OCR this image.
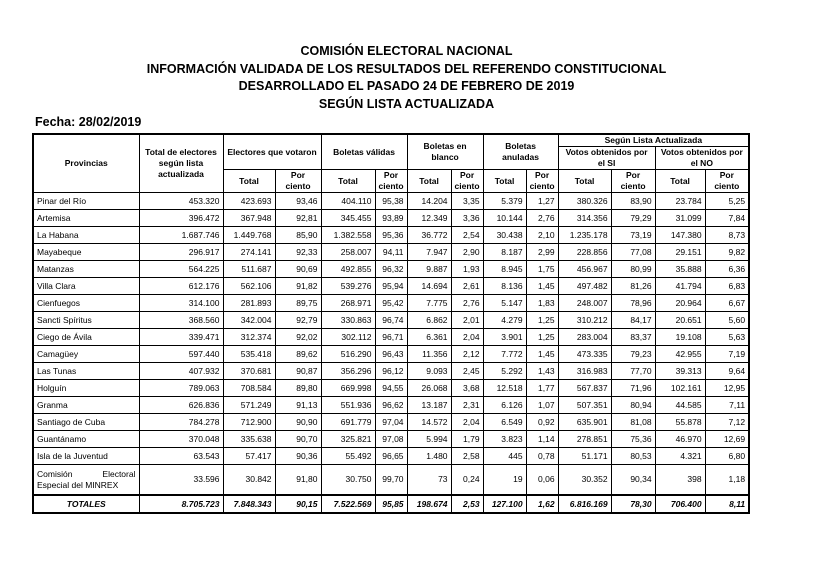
COMISIÓN ELECTORAL NACIONAL
INFORMACIÓN VALIDADA DE LOS RESULTADOS DEL REFERENDO CONSTITUCIONAL
DESARROLLADO EL PASADO 24 DE FEBRERO DE 2019
SEGÚN LISTA ACTUALIZADA
Fecha: 28/02/2019
Provincias	Total de electores según lista actualizada	Electores que votaron		Boletas válidas		Boletas en blanco		Boletas anuladas		Según Lista Actualizada			
										Votos obtenidos por el SI		Votos obtenidos por el NO	
		Total	Por ciento	Total	Por ciento	Total	Por ciento	Total	Por ciento	Total	Por ciento	Total	Por ciento
Pinar del Río	453.320	423.693	93,46	404.110	95,38	14.204	3,35	5.379	1,27	380.326	83,90	23.784	5,25
Artemisa	396.472	367.948	92,81	345.455	93,89	12.349	3,36	10.144	2,76	314.356	79,29	31.099	7,84
La Habana	1.687.746	1.449.768	85,90	1.382.558	95,36	36.772	2,54	30.438	2,10	1.235.178	73,19	147.380	8,73
Mayabeque	296.917	274.141	92,33	258.007	94,11	7.947	2,90	8.187	2,99	228.856	77,08	29.151	9,82
Matanzas	564.225	511.687	90,69	492.855	96,32	9.887	1,93	8.945	1,75	456.967	80,99	35.888	6,36
Villa Clara	612.176	562.106	91,82	539.276	95,94	14.694	2,61	8.136	1,45	497.482	81,26	41.794	6,83
Cienfuegos	314.100	281.893	89,75	268.971	95,42	7.775	2,76	5.147	1,83	248.007	78,96	20.964	6,67
Sancti Spíritus	368.560	342.004	92,79	330.863	96,74	6.862	2,01	4.279	1,25	310.212	84,17	20.651	5,60
Ciego de Ávila	339.471	312.374	92,02	302.112	96,71	6.361	2,04	3.901	1,25	283.004	83,37	19.108	5,63
Camagüey	597.440	535.418	89,62	516.290	96,43	11.356	2,12	7.772	1,45	473.335	79,23	42.955	7,19
Las Tunas	407.932	370.681	90,87	356.296	96,12	9.093	2,45	5.292	1,43	316.983	77,70	39.313	9,64
Holguín	789.063	708.584	89,80	669.998	94,55	26.068	3,68	12.518	1,77	567.837	71,96	102.161	12,95
Granma	626.836	571.249	91,13	551.936	96,62	13.187	2,31	6.126	1,07	507.351	80,94	44.585	7,11
Santiago de Cuba	784.278	712.900	90,90	691.779	97,04	14.572	2,04	6.549	0,92	635.901	81,08	55.878	7,12
Guantánamo	370.048	335.638	90,70	325.821	97,08	5.994	1,79	3.823	1,14	278.851	75,36	46.970	12,69
Isla de la Juventud	63.543	57.417	90,36	55.492	96,65	1.480	2,58	445	0,78	51.171	80,53	4.321	6,80
Comisión Electoral Especial del MINREX	33.596	30.842	91,80	30.750	99,70	73	0,24	19	0,06	30.352	90,34	398	1,18
TOTALES	8.705.723	7.848.343	90,15	7.522.569	95,85	198.674	2,53	127.100	1,62	6.816.169	78,30	706.400	8,11
